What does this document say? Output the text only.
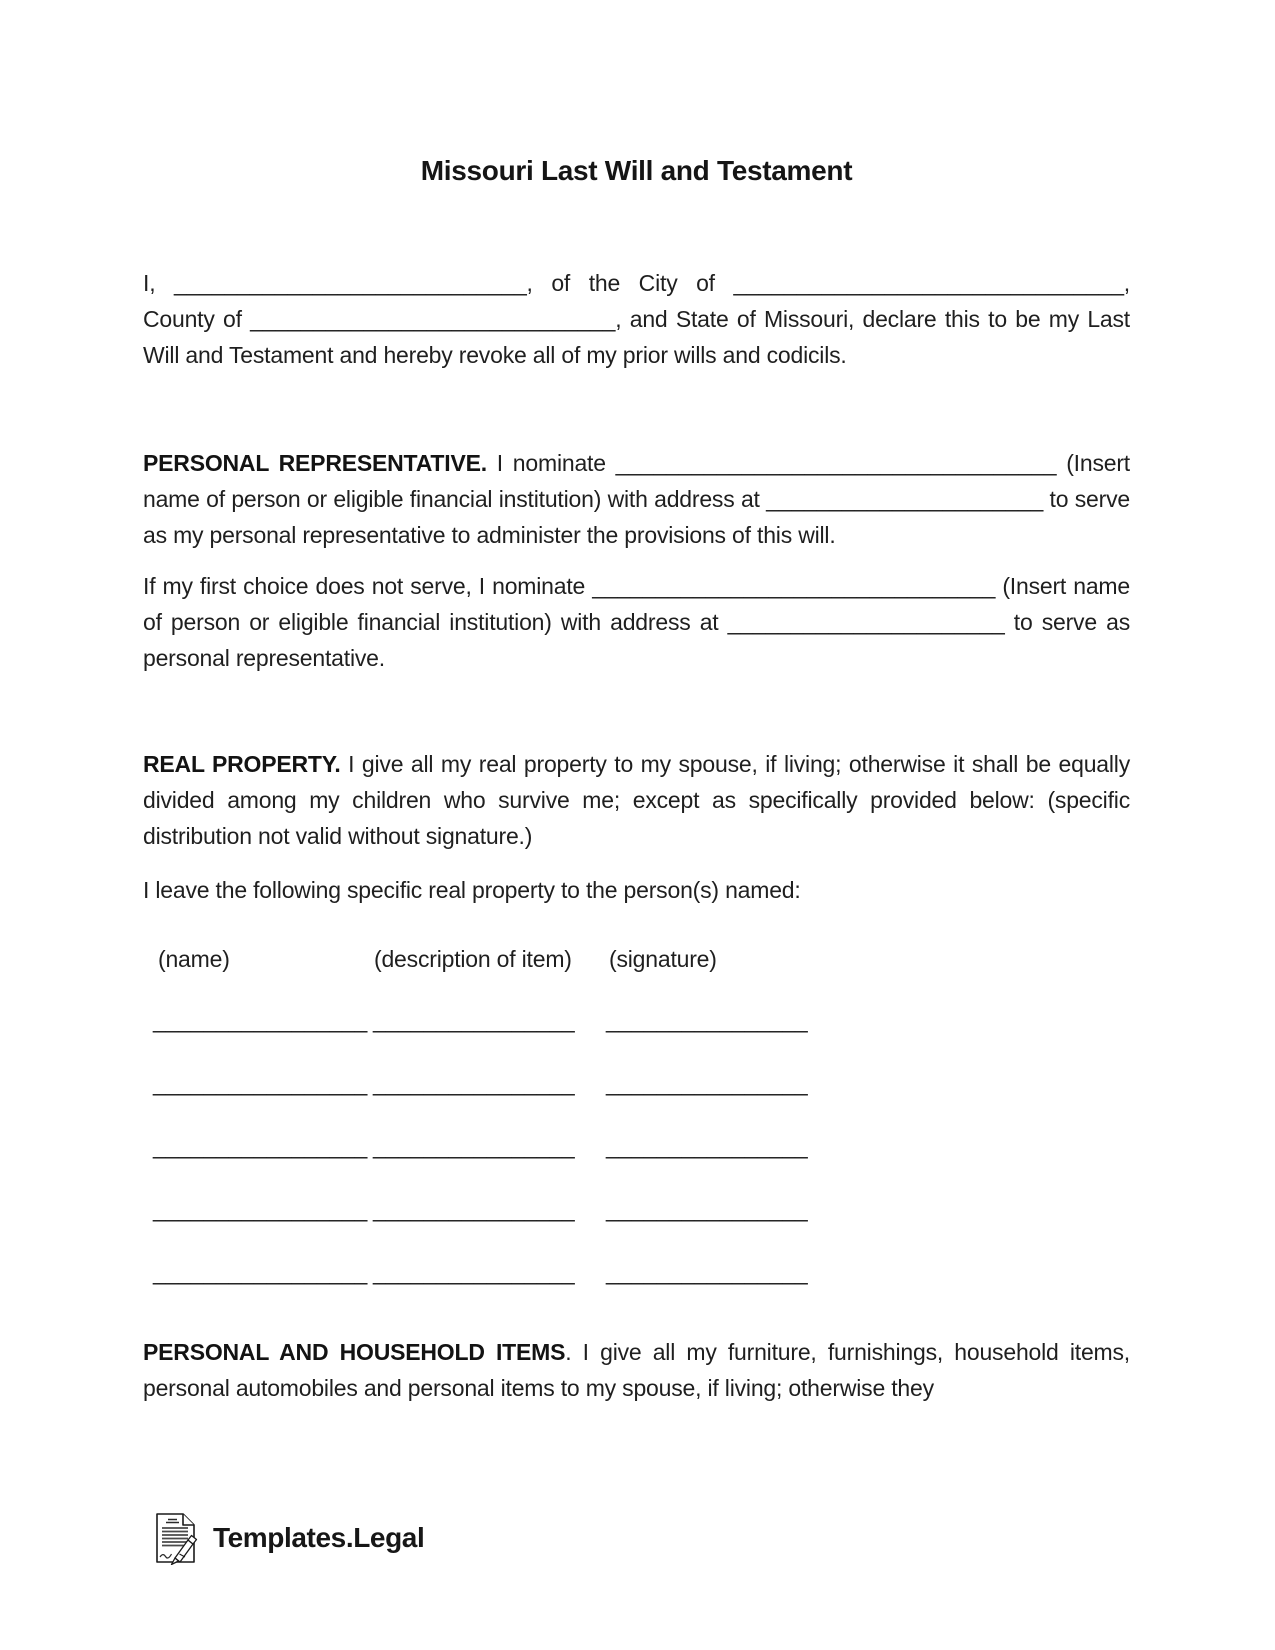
Missouri Last Will and Testament

I, ____________________________, of the City of _______________________________, County of _____________________________, and State of Missouri, declare this to be my Last Will and Testament and hereby revoke all of my prior wills and codicils.

PERSONAL REPRESENTATIVE. I nominate ___________________________________ (Insert name of person or eligible financial institution) with address at ______________________ to serve as my personal representative to administer the provisions of this will.

If my first choice does not serve, I nominate ________________________________ (Insert name of person or eligible financial institution) with address at ______________________ to serve as personal representative.

REAL PROPERTY. I give all my real property to my spouse, if living; otherwise it shall be equally divided among my children who survive me; except as specifically provided below: (specific distribution not valid without signature.)

I leave the following specific real property to the person(s) named:

(name)	(description of item) (signature)
_________________ ________________ ________________
_________________ ________________ ________________
_________________ ________________ ________________
_________________ ________________ ________________
_________________ ________________ ________________

PERSONAL AND HOUSEHOLD ITEMS. I give all my furniture, furnishings, household items, personal automobiles and personal items to my spouse, if living; otherwise they

Templates.Legal
